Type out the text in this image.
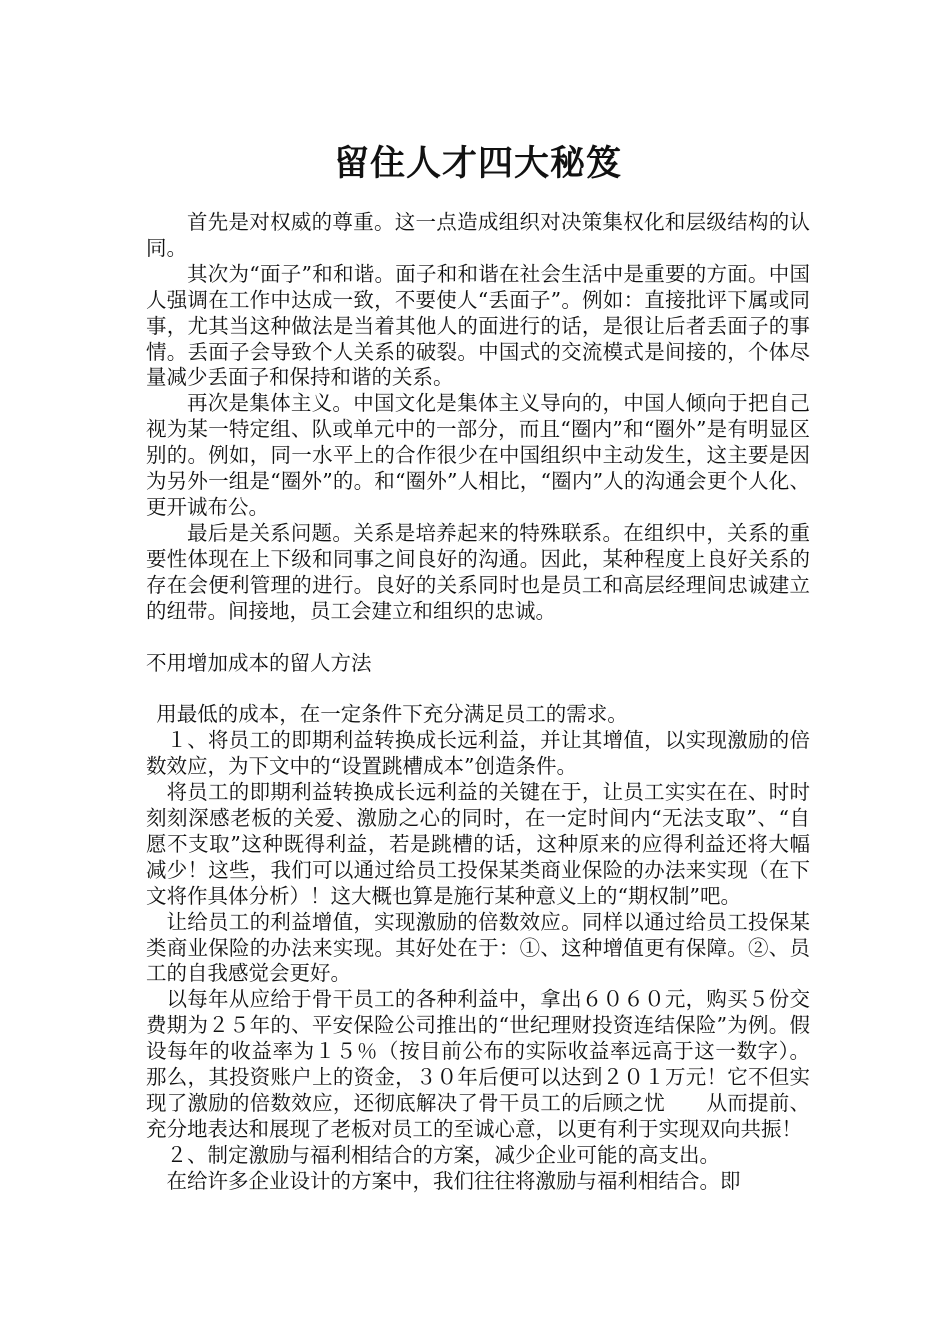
留住人才四大秘笈

首先是对权威的尊重。这一点造成组织对决策集权化和层级结构的认同。

其次为“面子”和和谐。面子和和谐在社会生活中是重要的方面。中国人强调在工作中达成一致，不要使人“丢面子”。例如：直接批评下属或同事，尤其当这种做法是当着其他人的面进行的话，是很让后者丢面子的事情。丢面子会导致个人关系的破裂。中国式的交流模式是间接的，个体尽量减少丢面子和保持和谐的关系。

再次是集体主义。中国文化是集体主义导向的，中国人倾向于把自己视为某一特定组、队或单元中的一部分，而且“圈内”和“圈外”是有明显区别的。例如，同一水平上的合作很少在中国组织中主动发生，这主要是因为另外一组是“圈外”的。和“圈外”人相比，“圈内”人的沟通会更个人化、更开诚布公。

最后是关系问题。关系是培养起来的特殊联系。在组织中，关系的重要性体现在上下级和同事之间良好的沟通。因此，某种程度上良好关系的存在会便利管理的进行。良好的关系同时也是员工和高层经理间忠诚建立的纽带。间接地，员工会建立和组织的忠诚。

不用增加成本的留人方法

用最低的成本，在一定条件下充分满足员工的需求。

１、将员工的即期利益转换成长远利益，并让其增值，以实现激励的倍数效应，为下文中的“设置跳槽成本”创造条件。

将员工的即期利益转换成长远利益的关键在于，让员工实实在在、时时刻刻深感老板的关爱、激励之心的同时，在一定时间内“无法支取”、“自愿不支取”这种既得利益，若是跳槽的话，这种原来的应得利益还将大幅减少！这些，我们可以通过给员工投保某类商业保险的办法来实现（在下文将作具体分析）！这大概也算是施行某种意义上的“期权制”吧。

让给员工的利益增值，实现激励的倍数效应。同样以通过给员工投保某类商业保险的办法来实现。其好处在于：①、这种增值更有保障。②、员工的自我感觉会更好。

以每年从应给于骨干员工的各种利益中，拿出６０６０元，购买５份交费期为２５年的、平安保险公司推出的“世纪理财投资连结保险”为例。假设每年的收益率为１５％（按目前公布的实际收益率远高于这一数字）。那么，其投资账户上的资金，３０年后便可以达到２０１万元！它不但实现了激励的倍数效应，还彻底解决了骨干员工的后顾之忧　　从而提前、充分地表达和展现了老板对员工的至诚心意，以更有利于实现双向共振！

２、制定激励与福利相结合的方案，减少企业可能的高支出。

在给许多企业设计的方案中，我们往往将激励与福利相结合。即
